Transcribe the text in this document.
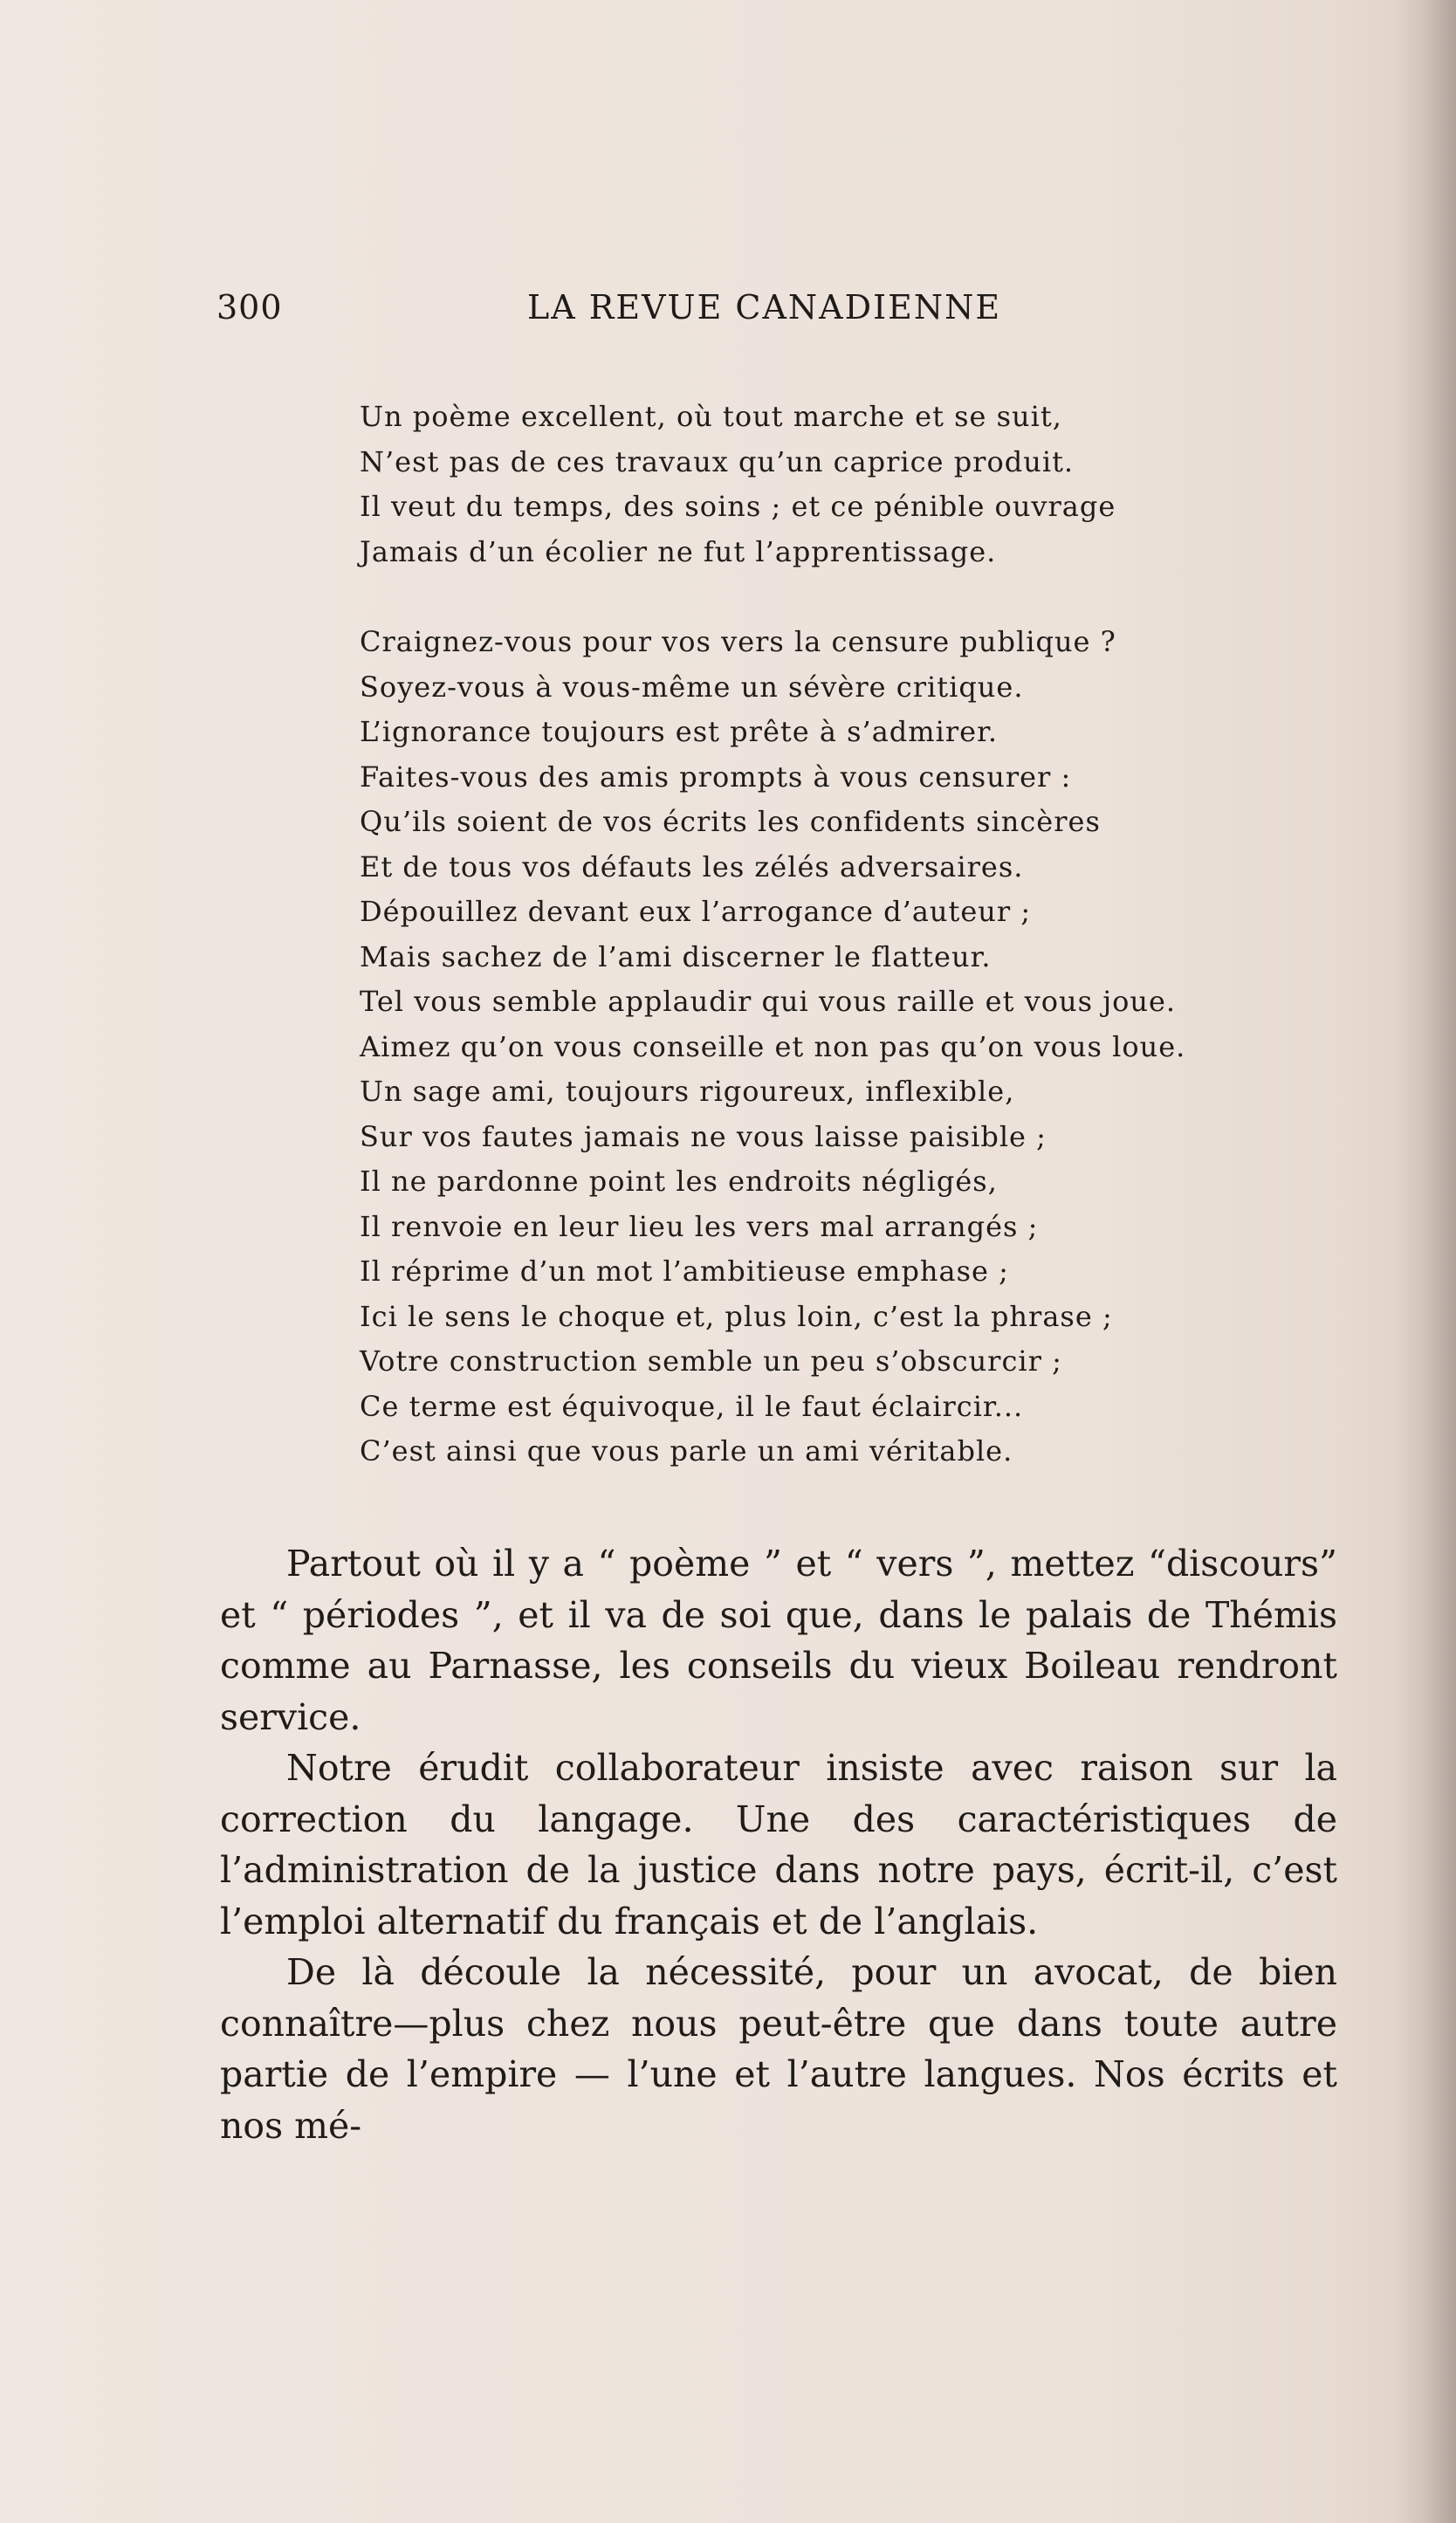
300	LA REVUE CANADIENNE
Un poème excellent, où tout marche et se suit,
N’est pas de ces travaux qu’un caprice produit.
Il veut du temps, des soins ; et ce pénible ouvrage
Jamais d’un écolier ne fut l’apprentissage.
Craignez-vous pour vos vers la censure publique ?
Soyez-vous à vous-même un sévère critique.
L’ignorance toujours est prête à s’admirer.
Faites-vous des amis prompts à vous censurer :
Qu’ils soient de vos écrits les confidents sincères
Et de tous vos défauts les zélés adversaires.
Dépouillez devant eux l’arrogance d’auteur ;
Mais sachez de l’ami discerner le flatteur.
Tel vous semble applaudir qui vous raille et vous joue.
Aimez qu’on vous conseille et non pas qu’on vous loue.
Un sage ami, toujours rigoureux, inflexible,
Sur vos fautes jamais ne vous laisse paisible ;
Il ne pardonne point les endroits négligés,
Il renvoie en leur lieu les vers mal arrangés ;
Il réprime d’un mot l’ambitieuse emphase ;
Ici le sens le choque et, plus loin, c’est la phrase ;
Votre construction semble un peu s’obscurcir ;
Ce terme est équivoque, il le faut éclaircir...
C’est ainsi que vous parle un ami véritable.

Partout où il y a “ poème ” et “ vers ”, mettez “discours” et “ périodes ”, et il va de soi que, dans le palais de Thémis comme au Parnasse, les conseils du vieux Boileau rendront service.

Notre érudit collaborateur insiste avec raison sur la correction du langage. Une des caractéristiques de l’administration de la justice dans notre pays, écrit-il, c’est l’emploi alternatif du français et de l’anglais.

De là découle la nécessité, pour un avocat, de bien connaître—plus chez nous peut-être que dans toute autre partie de l’empire — l’une et l’autre langues. Nos écrits et nos mé-
